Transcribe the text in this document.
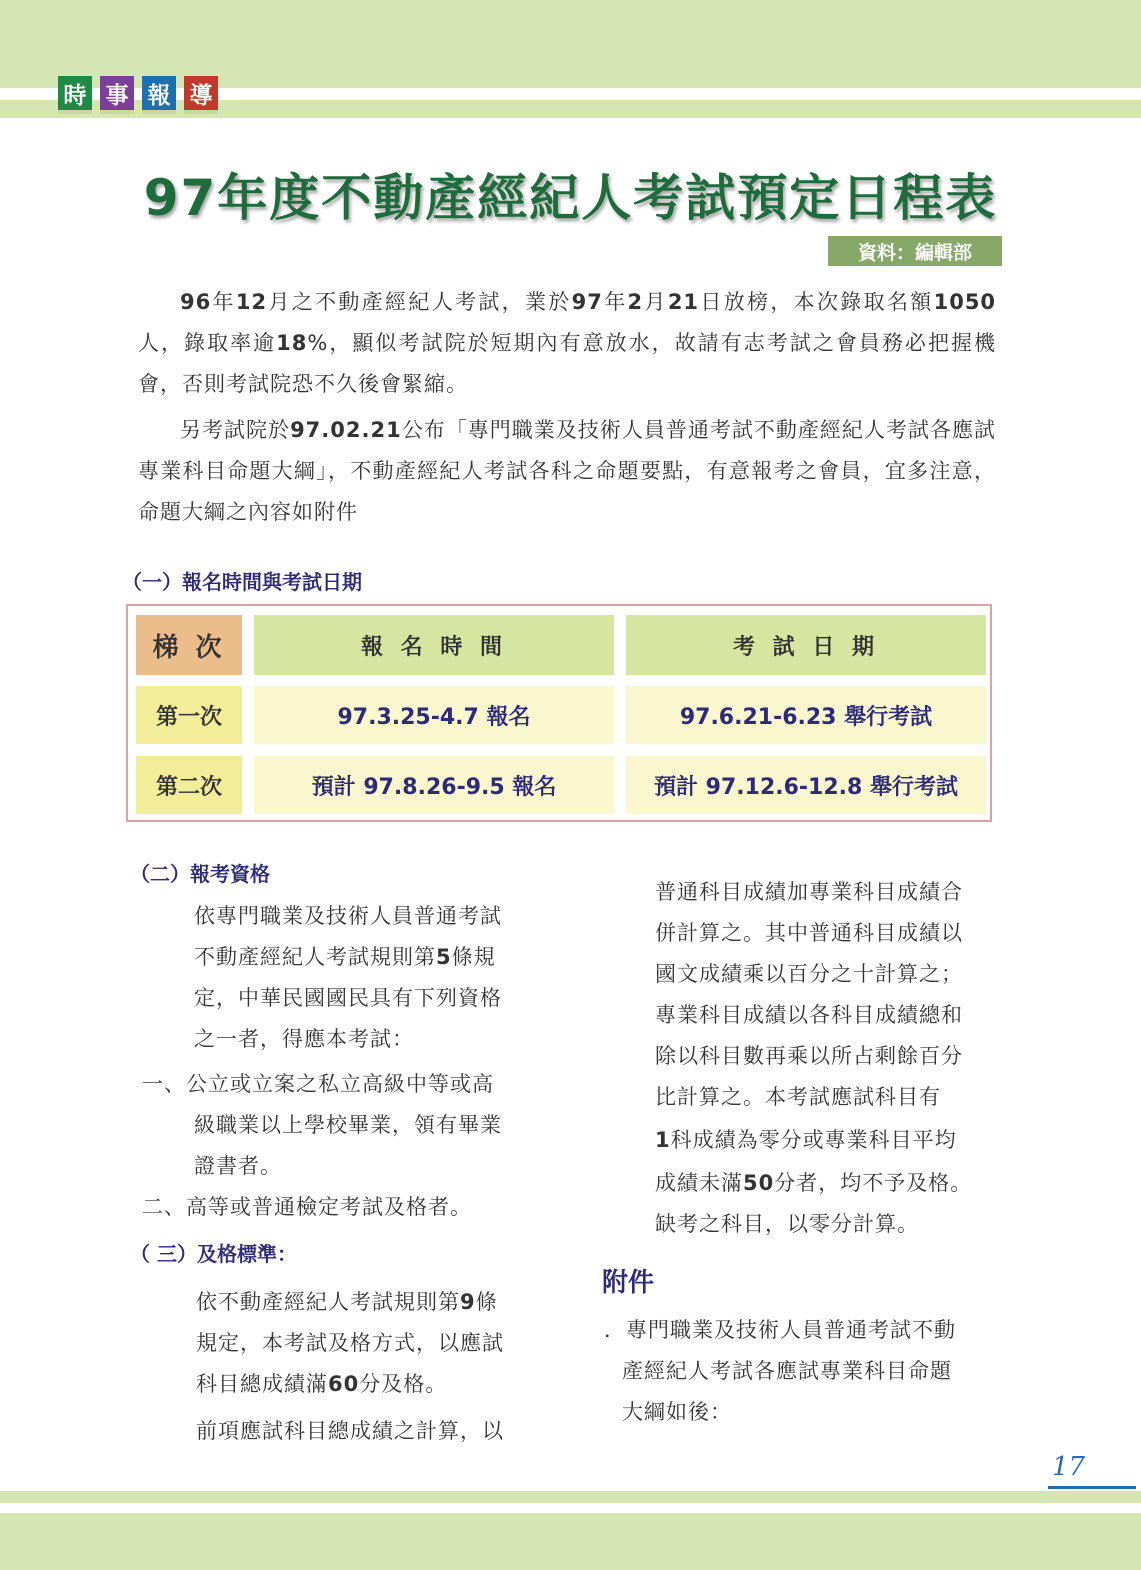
時 事 報 導
97年度不動產經紀人考試預定日程表
資料：編輯部

96年12月之不動產經紀人考試，業於97年2月21日放榜，本次錄取名額1050人，錄取率逾18%，顯似考試院於短期內有意放水，故請有志考試之會員務必把握機會，否則考試院恐不久後會緊縮。

另考試院於97.02.21公布「專門職業及技術人員普通考試不動產經紀人考試各應試專業科目命題大綱」，不動產經紀人考試各科之命題要點，有意報考之會員，宜多注意，命題大綱之內容如附件

（一）報名時間與考試日期
梯 次	報 名 時 間	考 試 日 期
第一次	97.3.25-4.7 報名	97.6.21-6.23 舉行考試
第二次	預計 97.8.26-9.5 報名	預計 97.12.6-12.8 舉行考試
（二）報考資格
依專門職業及技術人員普通考試
不動產經紀人考試規則第5條規
定，中華民國國民具有下列資格
之一者，得應本考試：
一、公立或立案之私立高級中等或高
級職業以上學校畢業，領有畢業
證書者。
二、高等或普通檢定考試及格者。
（ 三）及格標準：
依不動產經紀人考試規則第9條
規定，本考試及格方式，以應試
科目總成績滿60分及格。
前項應試科目總成績之計算，以
普通科目成績加專業科目成績合
併計算之。其中普通科目成績以
國文成績乘以百分之十計算之；
專業科目成績以各科目成績總和
除以科目數再乘以所占剩餘百分
比計算之。本考試應試科目有
1科成績為零分或專業科目平均
成績未滿50分者，均不予及格。
缺考之科目，以零分計算。
附件
．專門職業及技術人員普通考試不動
產經紀人考試各應試專業科目命題
大綱如後：
17
